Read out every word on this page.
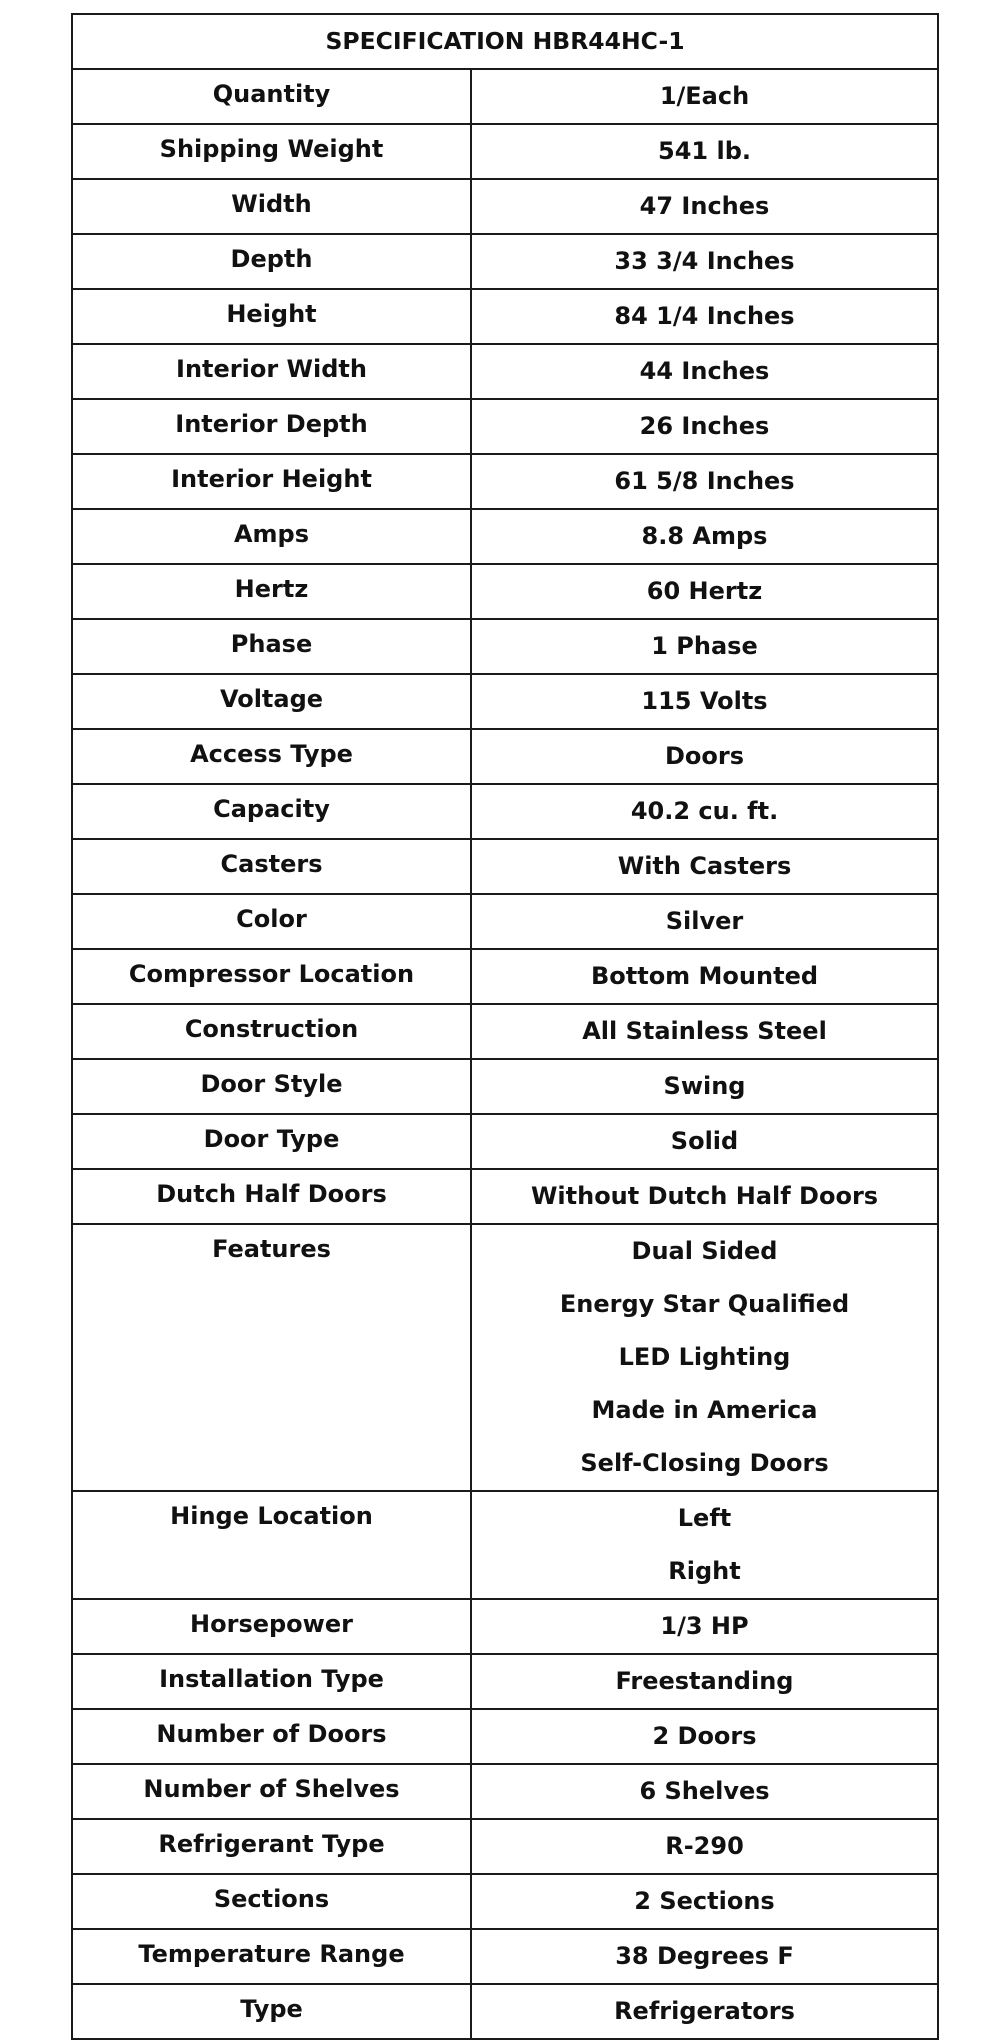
SPECIFICATION HBR44HC-1	
Quantity	1/Each
Shipping Weight	541 lb.
Width	47 Inches
Depth	33 3/4 Inches
Height	84 1/4 Inches
Interior Width	44 Inches
Interior Depth	26 Inches
Interior Height	61 5/8 Inches
Amps	8.8 Amps
Hertz	60 Hertz
Phase	1 Phase
Voltage	115 Volts
Access Type	Doors
Capacity	40.2 cu. ft.
Casters	With Casters
Color	Silver
Compressor Location	Bottom Mounted
Construction	All Stainless Steel
Door Style	Swing
Door Type	Solid
Dutch Half Doors	Without Dutch Half Doors
Features	Dual Sided
Energy Star Qualified
LED Lighting
Made in America
Self-Closing Doors

Hinge Location	Left
Right

Horsepower	1/3 HP
Installation Type	Freestanding
Number of Doors	2 Doors
Number of Shelves	6 Shelves
Refrigerant Type	R-290
Sections	2 Sections
Temperature Range	38 Degrees F
Type	Refrigerators
